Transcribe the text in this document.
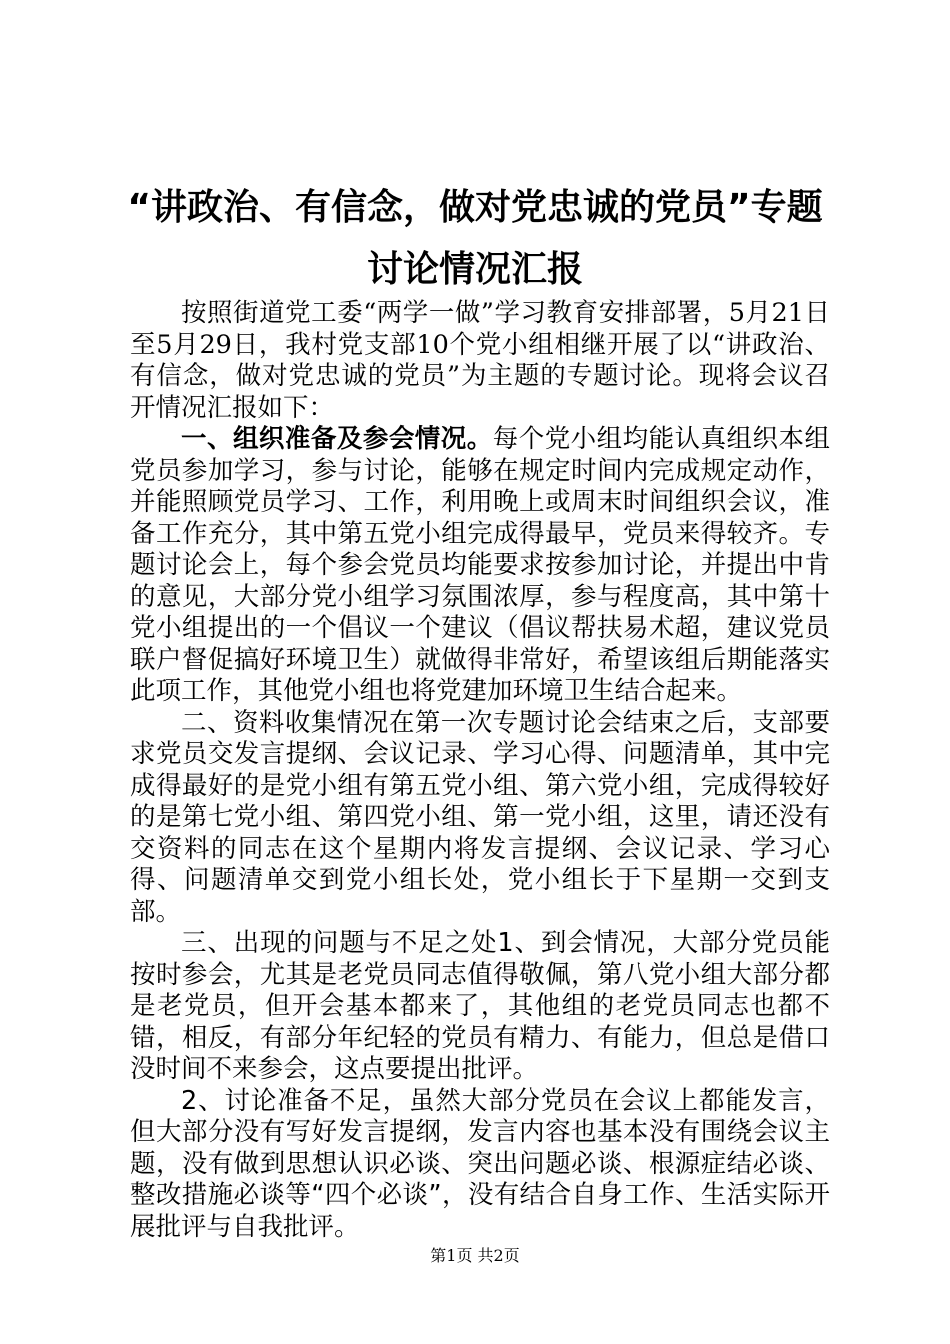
“讲政治、有信念，做对党忠诚的党员”专题
讨论情况汇报

按照街道党工委“两学一做”学习教育安排部署，5月21日至5月29日，我村党支部10个党小组相继开展了以“讲政治、有信念，做对党忠诚的党员”为主题的专题讨论。现将会议召开情况汇报如下：

一、组织准备及参会情况。每个党小组均能认真组织本组党员参加学习，参与讨论，能够在规定时间内完成规定动作，并能照顾党员学习、工作，利用晚上或周末时间组织会议，准备工作充分，其中第五党小组完成得最早，党员来得较齐。专题讨论会上，每个参会党员均能要求按参加讨论，并提出中肯的意见，大部分党小组学习氛围浓厚，参与程度高，其中第十党小组提出的一个倡议一个建议（倡议帮扶易术超，建议党员联户督促搞好环境卫生）就做得非常好，希望该组后期能落实此项工作，其他党小组也将党建加环境卫生结合起来。

二、资料收集情况在第一次专题讨论会结束之后，支部要求党员交发言提纲、会议记录、学习心得、问题清单，其中完成得最好的是党小组有第五党小组、第六党小组，完成得较好的是第七党小组、第四党小组、第一党小组，这里，请还没有交资料的同志在这个星期内将发言提纲、会议记录、学习心得、问题清单交到党小组长处，党小组长于下星期一交到支部。

三、出现的问题与不足之处1、到会情况，大部分党员能按时参会，尤其是老党员同志值得敬佩，第八党小组大部分都是老党员，但开会基本都来了，其他组的老党员同志也都不错，相反，有部分年纪轻的党员有精力、有能力，但总是借口没时间不来参会，这点要提出批评。

2、讨论准备不足，虽然大部分党员在会议上都能发言，但大部分没有写好发言提纲，发言内容也基本没有围绕会议主题，没有做到思想认识必谈、突出问题必谈、根源症结必谈、整改措施必谈等“四个必谈”，没有结合自身工作、生活实际开展批评与自我批评。

第1页 共2页
